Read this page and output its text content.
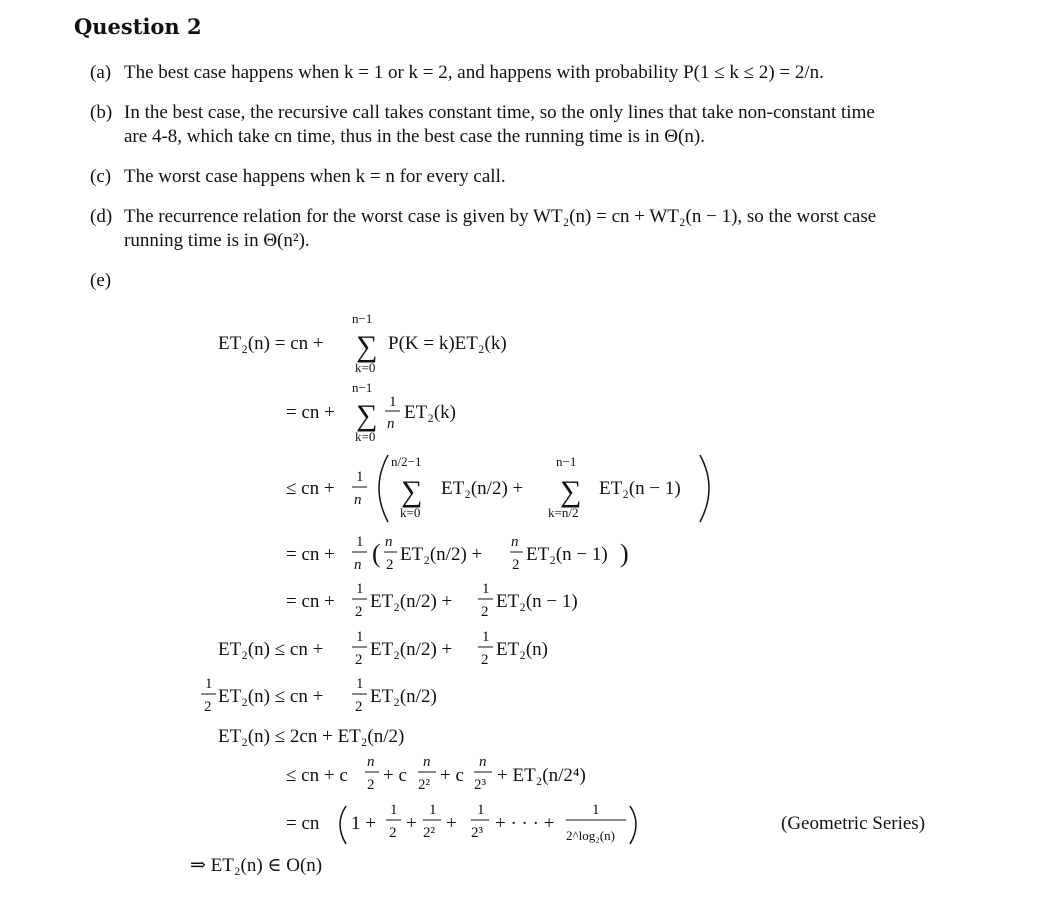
Question 2
(a) The best case happens when k = 1 or k = 2, and happens with probability P(1 ≤ k ≤ 2) = 2/n.
(b) In the best case, the recursive call takes constant time, so the only lines that take non-constant time
are 4-8, which take cn time, thus in the best case the running time is in Θ(n).
(c) The worst case happens when k = n for every call.
(d) The recurrence relation for the worst case is given by WT₂(n) = cn + WT₂(n − 1), so the worst case
running time is in Θ(n²).
(e)
ET₂(n) = cn +
n−1
∑
k=0
P(K = k)ET₂(k)
= cn +
n−1
∑
k=0
1
n
ET₂(k)
≤ cn +
1
n
n/2−1
∑
k=0
ET₂(n/2) +
n−1
∑
k=n/2
ET₂(n − 1)
= cn +
1
n ( n
2 ET₂(n/2) +
n
2 ET₂(n − 1) )
= cn +
1
2 ET₂(n/2) +
1
2 ET₂(n − 1)
ET₂(n) ≤ cn +
1
2 ET₂(n/2) +
1
2 ET₂(n)
1
2 ET₂(n) ≤ cn +
1
2 ET₂(n/2)
ET₂(n) ≤ 2cn + ET₂(n/2)
≤ cn + c
n
2 + c
n
2² + c
n
2³ + ET₂(n/2⁴)
= cn 1 +
1
2 +
1
2² +
1
2³ + · · · +
1
2^log₂(n)
(Geometric Series)
⇒ ET₂(n) ∈ O(n)
